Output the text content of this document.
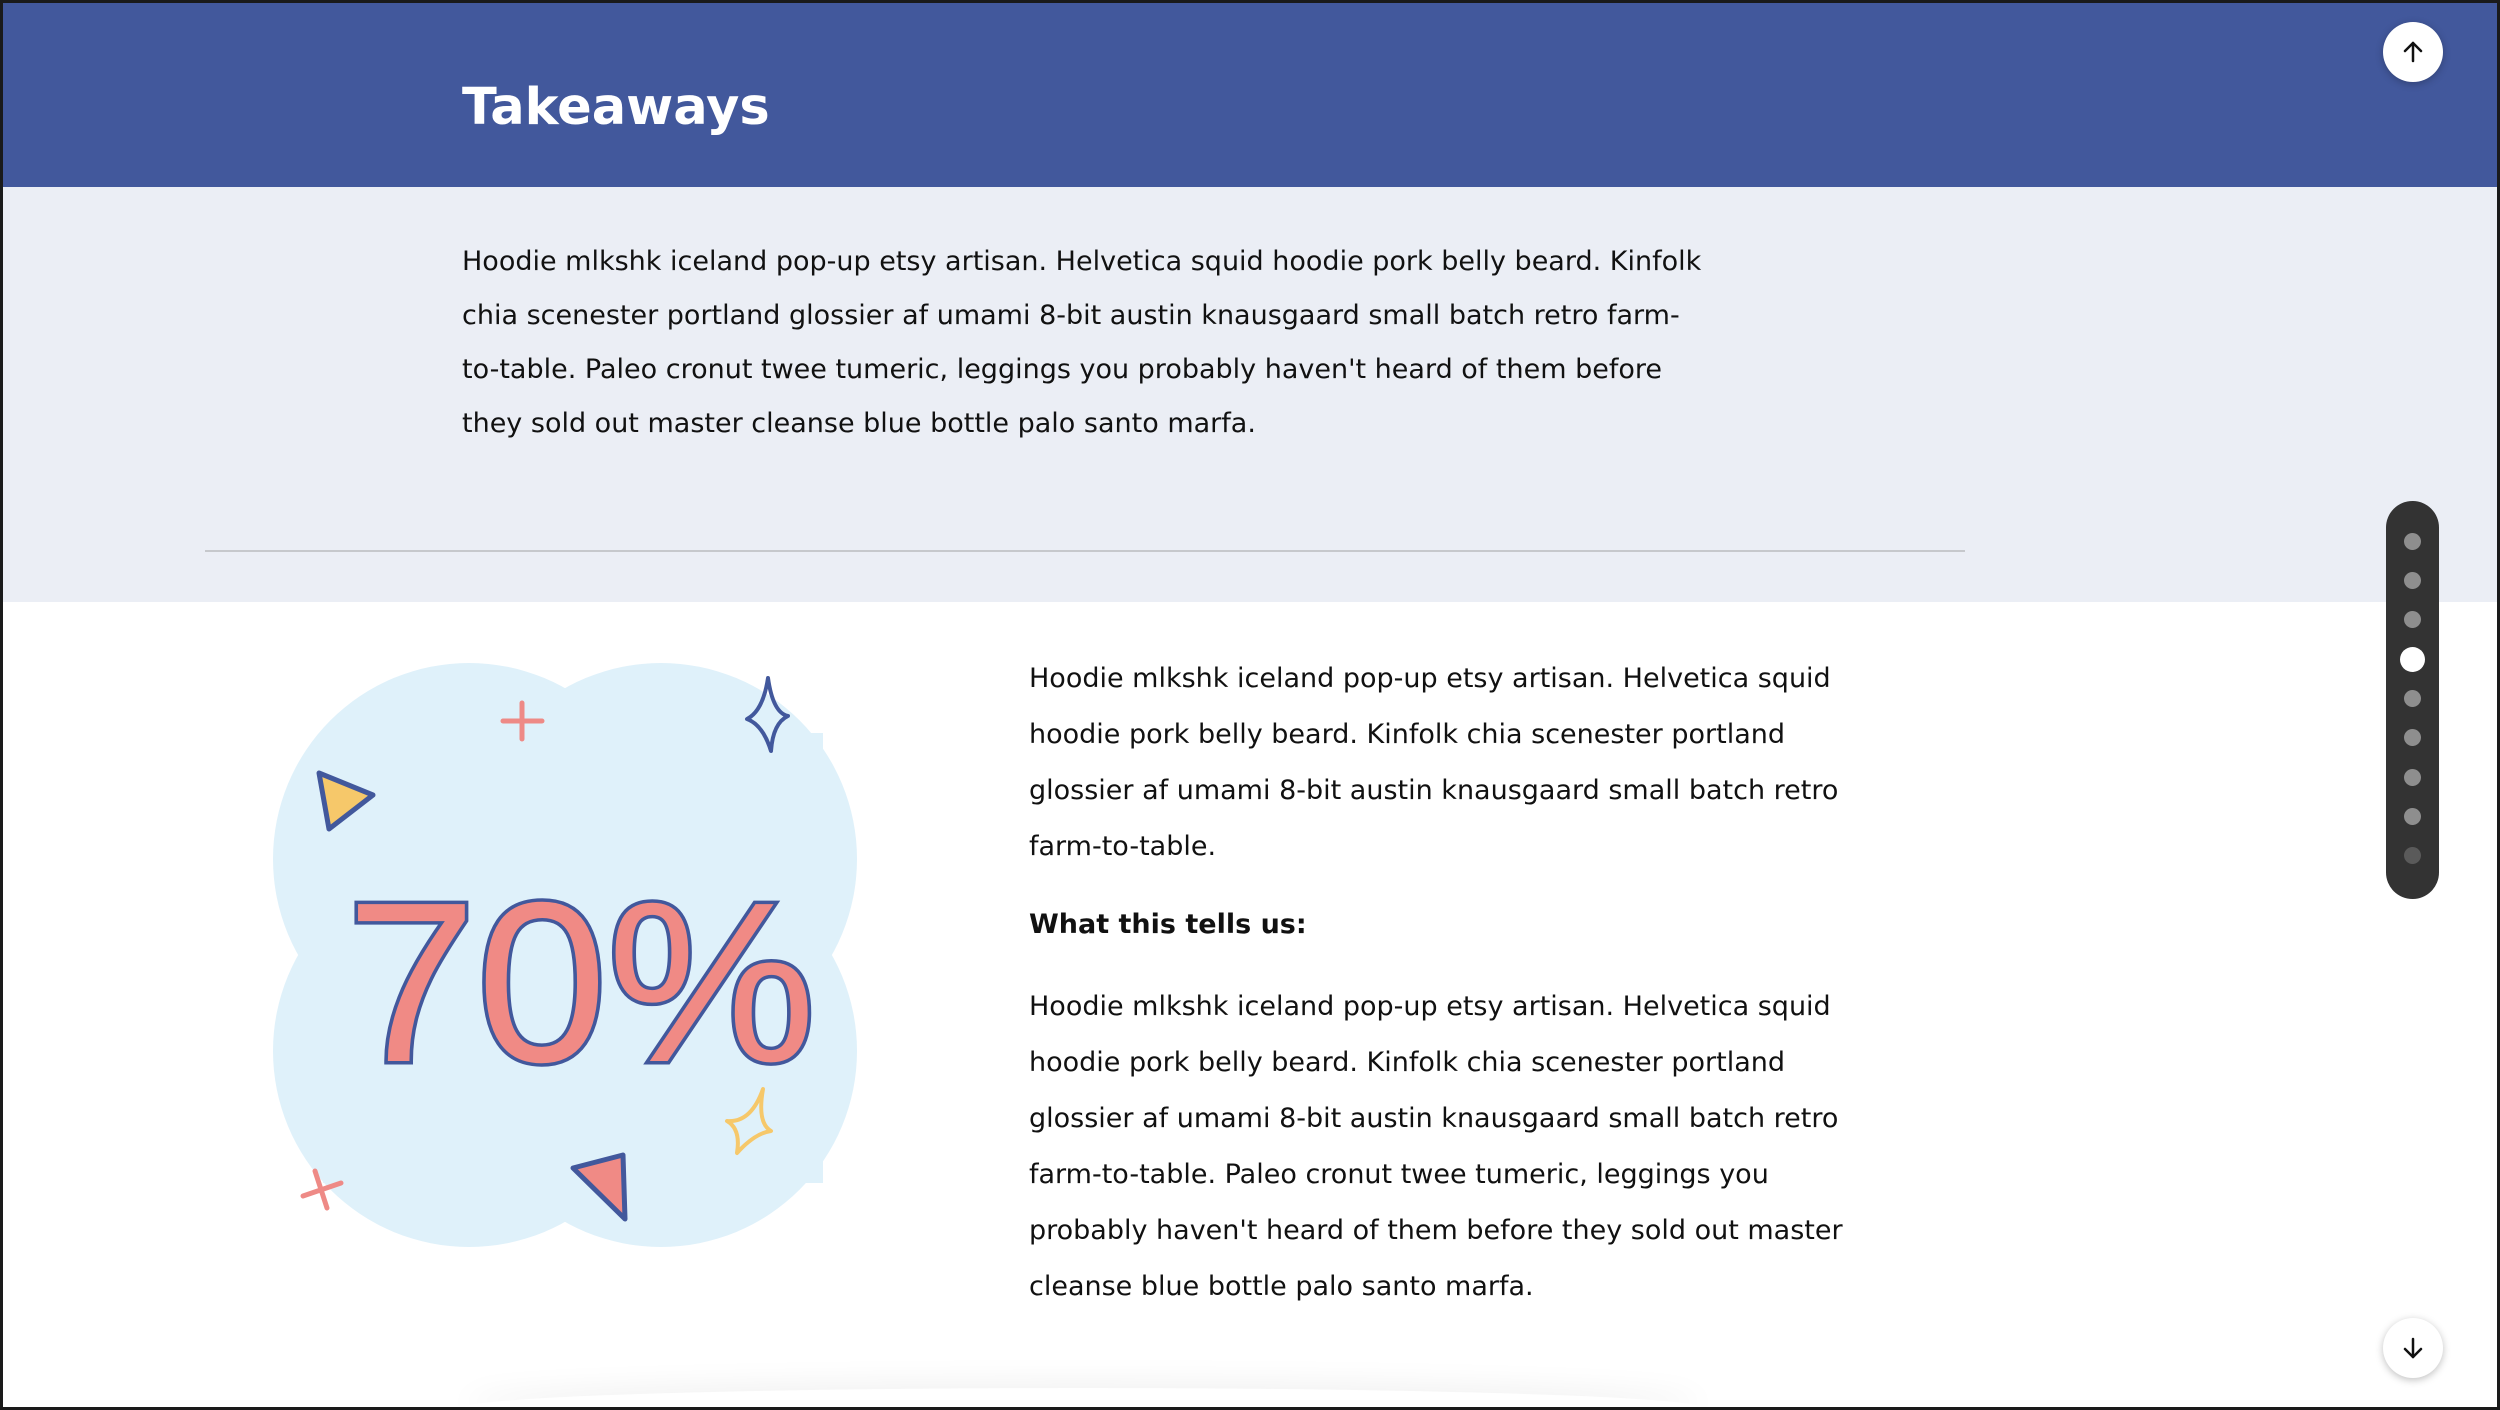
Takeaways

Hoodie mlkshk iceland pop-up etsy artisan. Helvetica squid hoodie pork belly beard. Kinfolk chia scenester portland glossier af umami 8-bit austin knausgaard small batch retro farm-to-table. Paleo cronut twee tumeric, leggings you probably haven't heard of them before they sold out master cleanse blue bottle palo santo marfa.

70%

Hoodie mlkshk iceland pop-up etsy artisan. Helvetica squid hoodie pork belly beard. Kinfolk chia scenester portland glossier af umami 8-bit austin knausgaard small batch retro farm-to-table.

What this tells us:

Hoodie mlkshk iceland pop-up etsy artisan. Helvetica squid hoodie pork belly beard. Kinfolk chia scenester portland glossier af umami 8-bit austin knausgaard small batch retro farm-to-table. Paleo cronut twee tumeric, leggings you probably haven't heard of them before they sold out master cleanse blue bottle palo santo marfa.
